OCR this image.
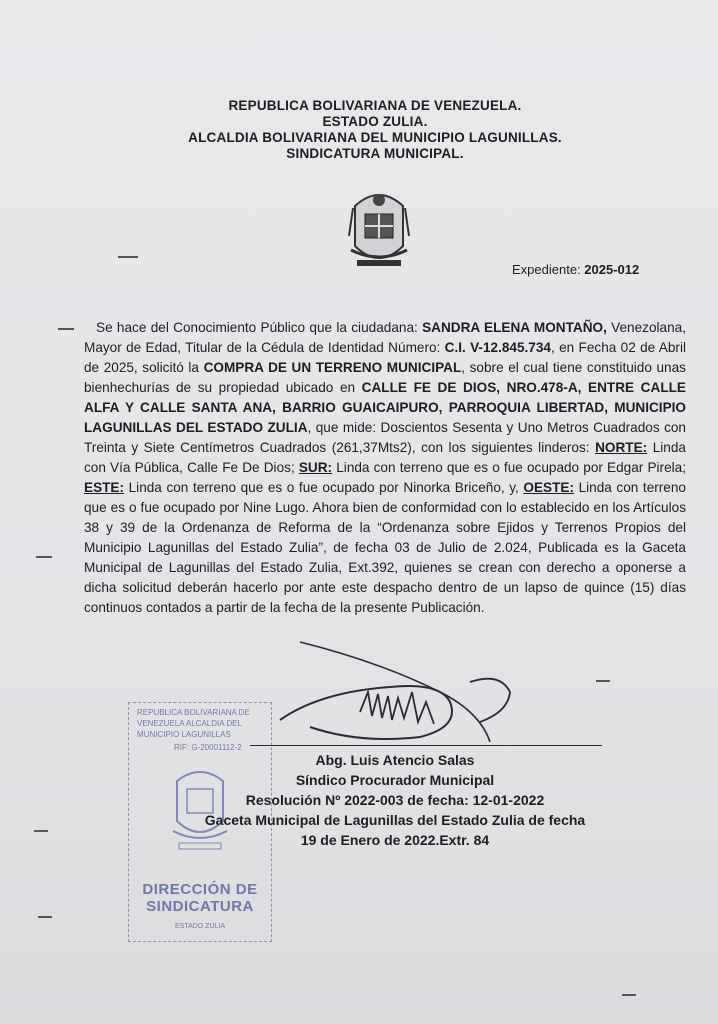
REPUBLICA BOLIVARIANA DE VENEZUELA.
ESTADO ZULIA.
ALCALDIA BOLIVARIANA DEL MUNICIPIO LAGUNILLAS.
SINDICATURA MUNICIPAL.
Expediente: 2025-012
Se hace del Conocimiento Público que la ciudadana: SANDRA ELENA MONTAÑO, Venezolana, Mayor de Edad, Titular de la Cédula de Identidad Número: C.I. V-12.845.734, en Fecha 02 de Abril de 2025, solicitó la COMPRA DE UN TERRENO MUNICIPAL, sobre el cual tiene constituido unas bienhechurías de su propiedad ubicado en CALLE FE DE DIOS, NRO.478-A, ENTRE CALLE ALFA Y CALLE SANTA ANA, BARRIO GUAICAIPURO, PARROQUIA LIBERTAD, MUNICIPIO LAGUNILLAS DEL ESTADO ZULIA, que mide: Doscientos Sesenta y Uno Metros Cuadrados con Treinta y Siete Centímetros Cuadrados (261,37Mts2), con los siguientes linderos: NORTE: Linda con Vía Pública, Calle Fe De Dios; SUR: Linda con terreno que es o fue ocupado por Edgar Pirela; ESTE: Linda con terreno que es o fue ocupado por Ninorka Briceño, y, OESTE: Linda con terreno que es o fue ocupado por Nine Lugo. Ahora bien de conformidad con lo establecido en los Artículos 38 y 39 de la Ordenanza de Reforma de la “Ordenanza sobre Ejidos y Terrenos Propios del Municipio Lagunillas del Estado Zulia”, de fecha 03 de Julio de 2.024, Publicada es la Gaceta Municipal de Lagunillas del Estado Zulia, Ext.392, quienes se crean con derecho a oponerse a dicha solicitud deberán hacerlo por ante este despacho dentro de un lapso de quince (15) días continuos contados a partir de la fecha de la presente Publicación.
REPUBLICA BOLIVARIANA DE VENEZUELA ALCALDIA DEL MUNICIPIO LAGUNILLAS
RIF: G-20001112-2
DIRECCIÓN DE SINDICATURA
ESTADO ZULIA
Abg. Luis Atencio Salas
Síndico Procurador Municipal
Resolución Nº 2022-003 de fecha: 12-01-2022
Gaceta Municipal de Lagunillas del Estado Zulia de fecha
19 de Enero de 2022.Extr. 84
